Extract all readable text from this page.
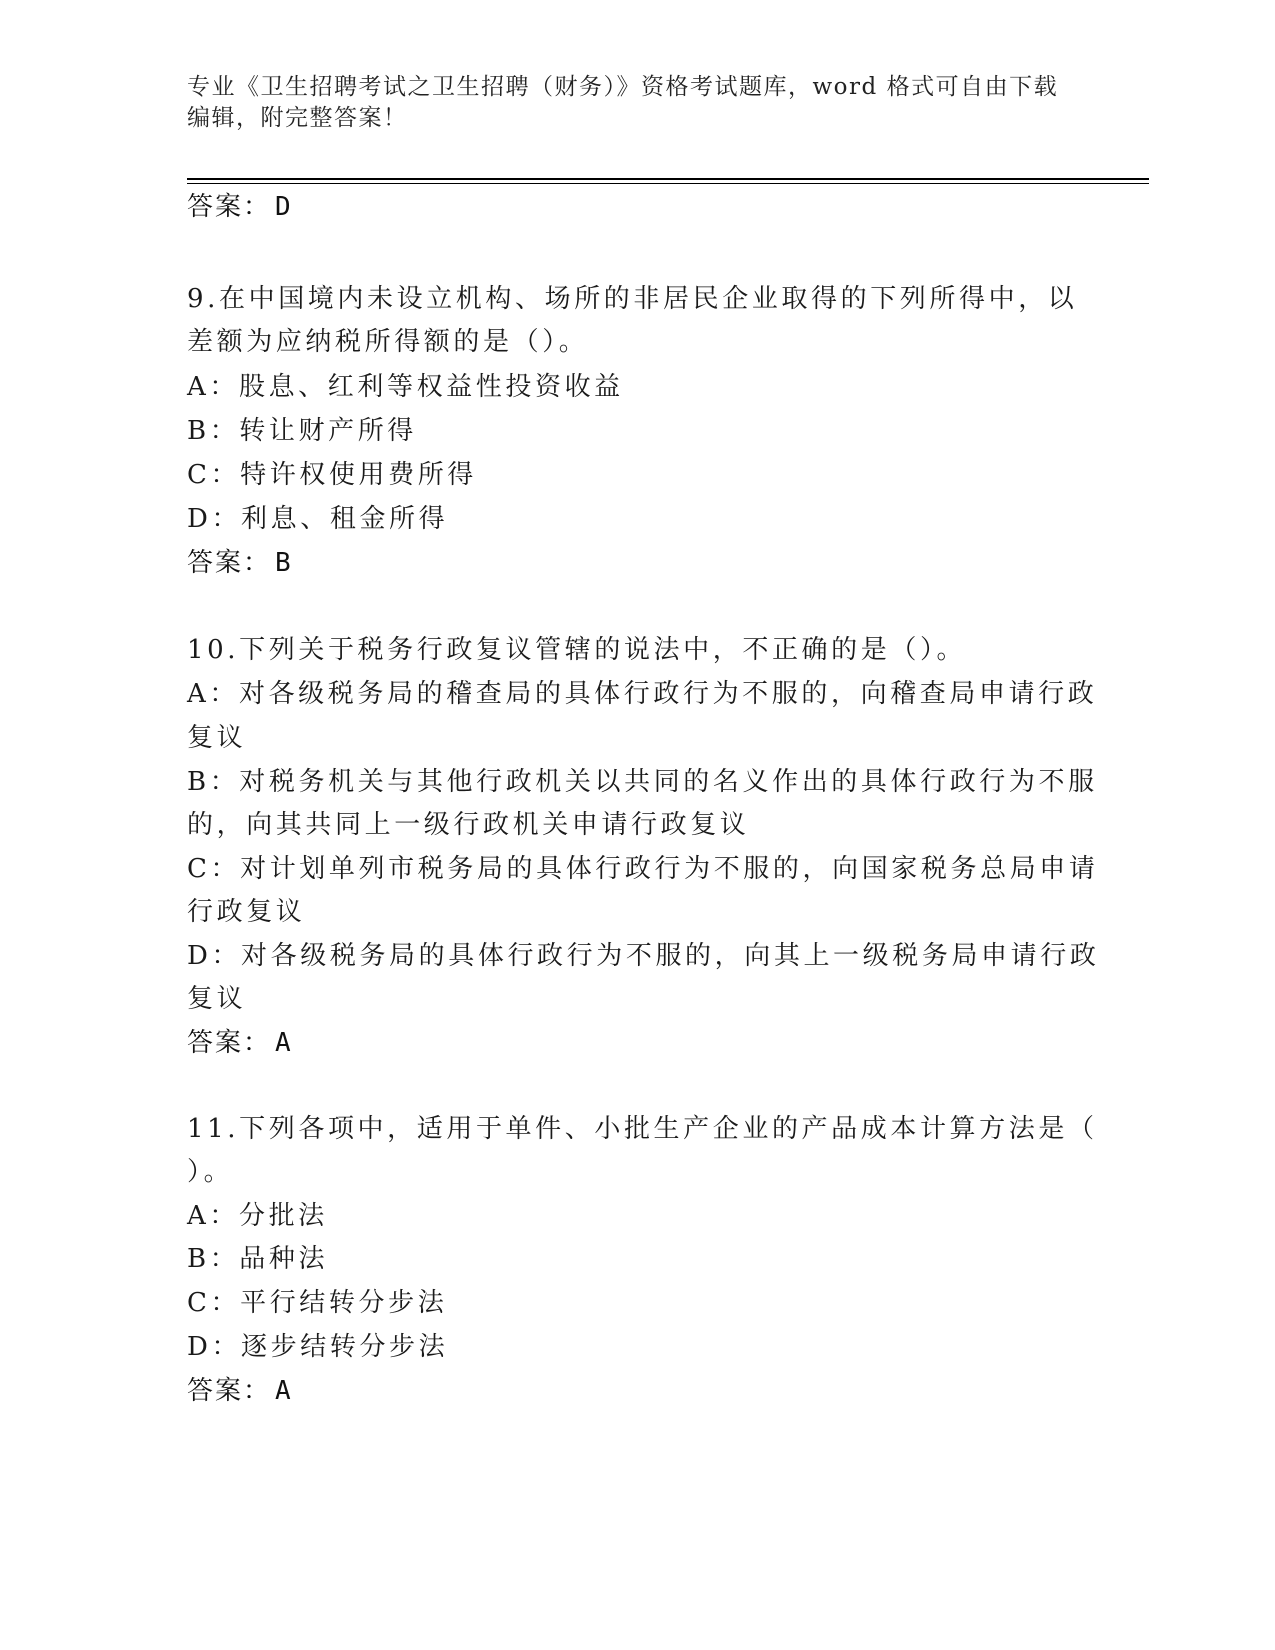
专业《卫生招聘考试之卫生招聘（财务）》资格考试题库，word 格式可自由下载
编辑，附完整答案！
答案： D
9.在中国境内未设立机构、场所的非居民企业取得的下列所得中，以
差额为应纳税所得额的是（）。
A：股息、红利等权益性投资收益
B：转让财产所得
C：特许权使用费所得
D：利息、租金所得
答案： B
10.下列关于税务行政复议管辖的说法中，不正确的是（）。
A：对各级税务局的稽查局的具体行政行为不服的，向稽查局申请行政
复议
B：对税务机关与其他行政机关以共同的名义作出的具体行政行为不服
的，向其共同上一级行政机关申请行政复议
C：对计划单列市税务局的具体行政行为不服的，向国家税务总局申请
行政复议
D：对各级税务局的具体行政行为不服的，向其上一级税务局申请行政
复议
答案： A
11.下列各项中，适用于单件、小批生产企业的产品成本计算方法是（
）。
A：分批法
B：品种法
C：平行结转分步法
D：逐步结转分步法
答案： A
